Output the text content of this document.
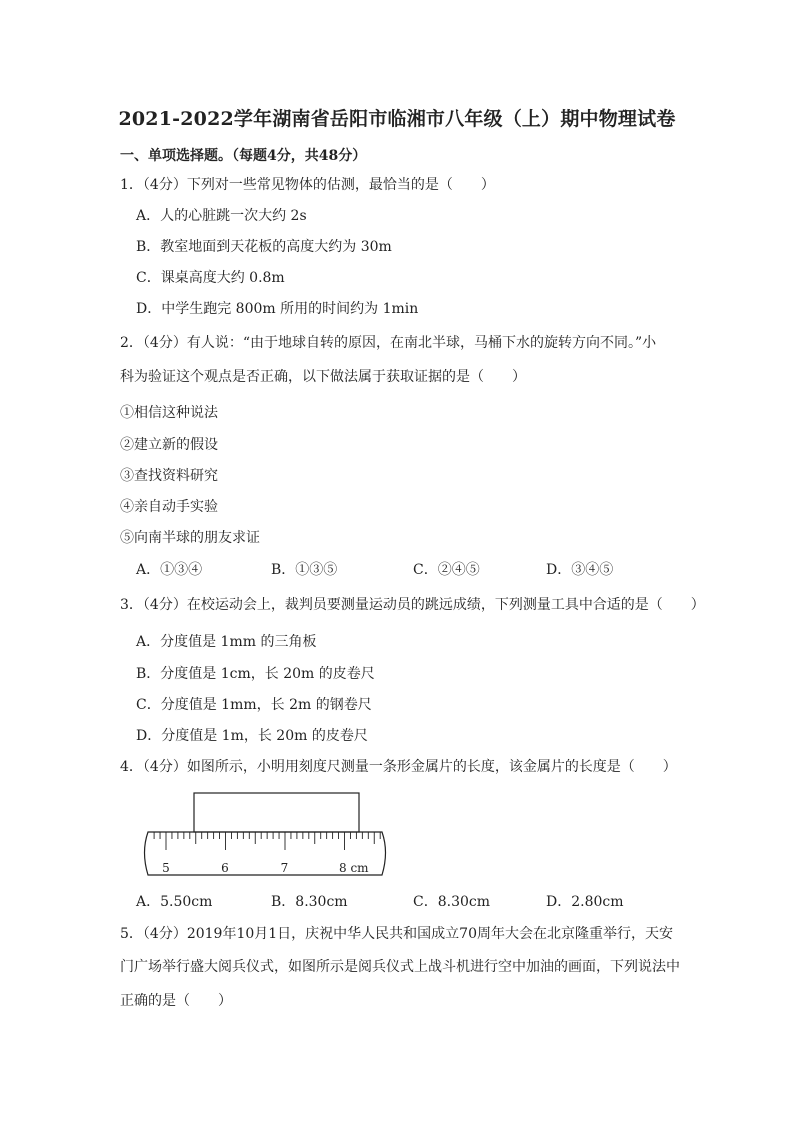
2021-2022学年湖南省岳阳市临湘市八年级（上）期中物理试卷
一、单项选择题。（每题4分，共48分）
1．（4分）下列对一些常见物体的估测，最恰当的是（　　）
A．人的心脏跳一次大约 2s
B．教室地面到天花板的高度大约为 30m
C．课桌高度大约 0.8m
D．中学生跑完 800m 所用的时间约为 1min
2．（4分）有人说：“由于地球自转的原因，在南北半球，马桶下水的旋转方向不同。”小
科为验证这个观点是否正确，以下做法属于获取证据的是（　　）
①相信这种说法
②建立新的假设
③查找资料研究
④亲自动手实验
⑤向南半球的朋友求证
A．①③④	B．①③⑤	C．②④⑤	D．③④⑤
3．（4分）在校运动会上，裁判员要测量运动员的跳远成绩，下列测量工具中合适的是（　　）
A．分度值是 1mm 的三角板
B．分度值是 1cm，长 20m 的皮卷尺
C．分度值是 1mm，长 2m 的钢卷尺
D．分度值是 1m，长 20m 的皮卷尺
4．（4分）如图所示，小明用刻度尺测量一条形金属片的长度，该金属片的长度是（　　）
5	6	7	8 cm
A．5.50cm	B．8.30cm	C．8.30cm	D．2.80cm
5．（4分）2019年10月1日，庆祝中华人民共和国成立70周年大会在北京隆重举行，天安
门广场举行盛大阅兵仪式，如图所示是阅兵仪式上战斗机进行空中加油的画面，下列说法中
正确的是（　　）
